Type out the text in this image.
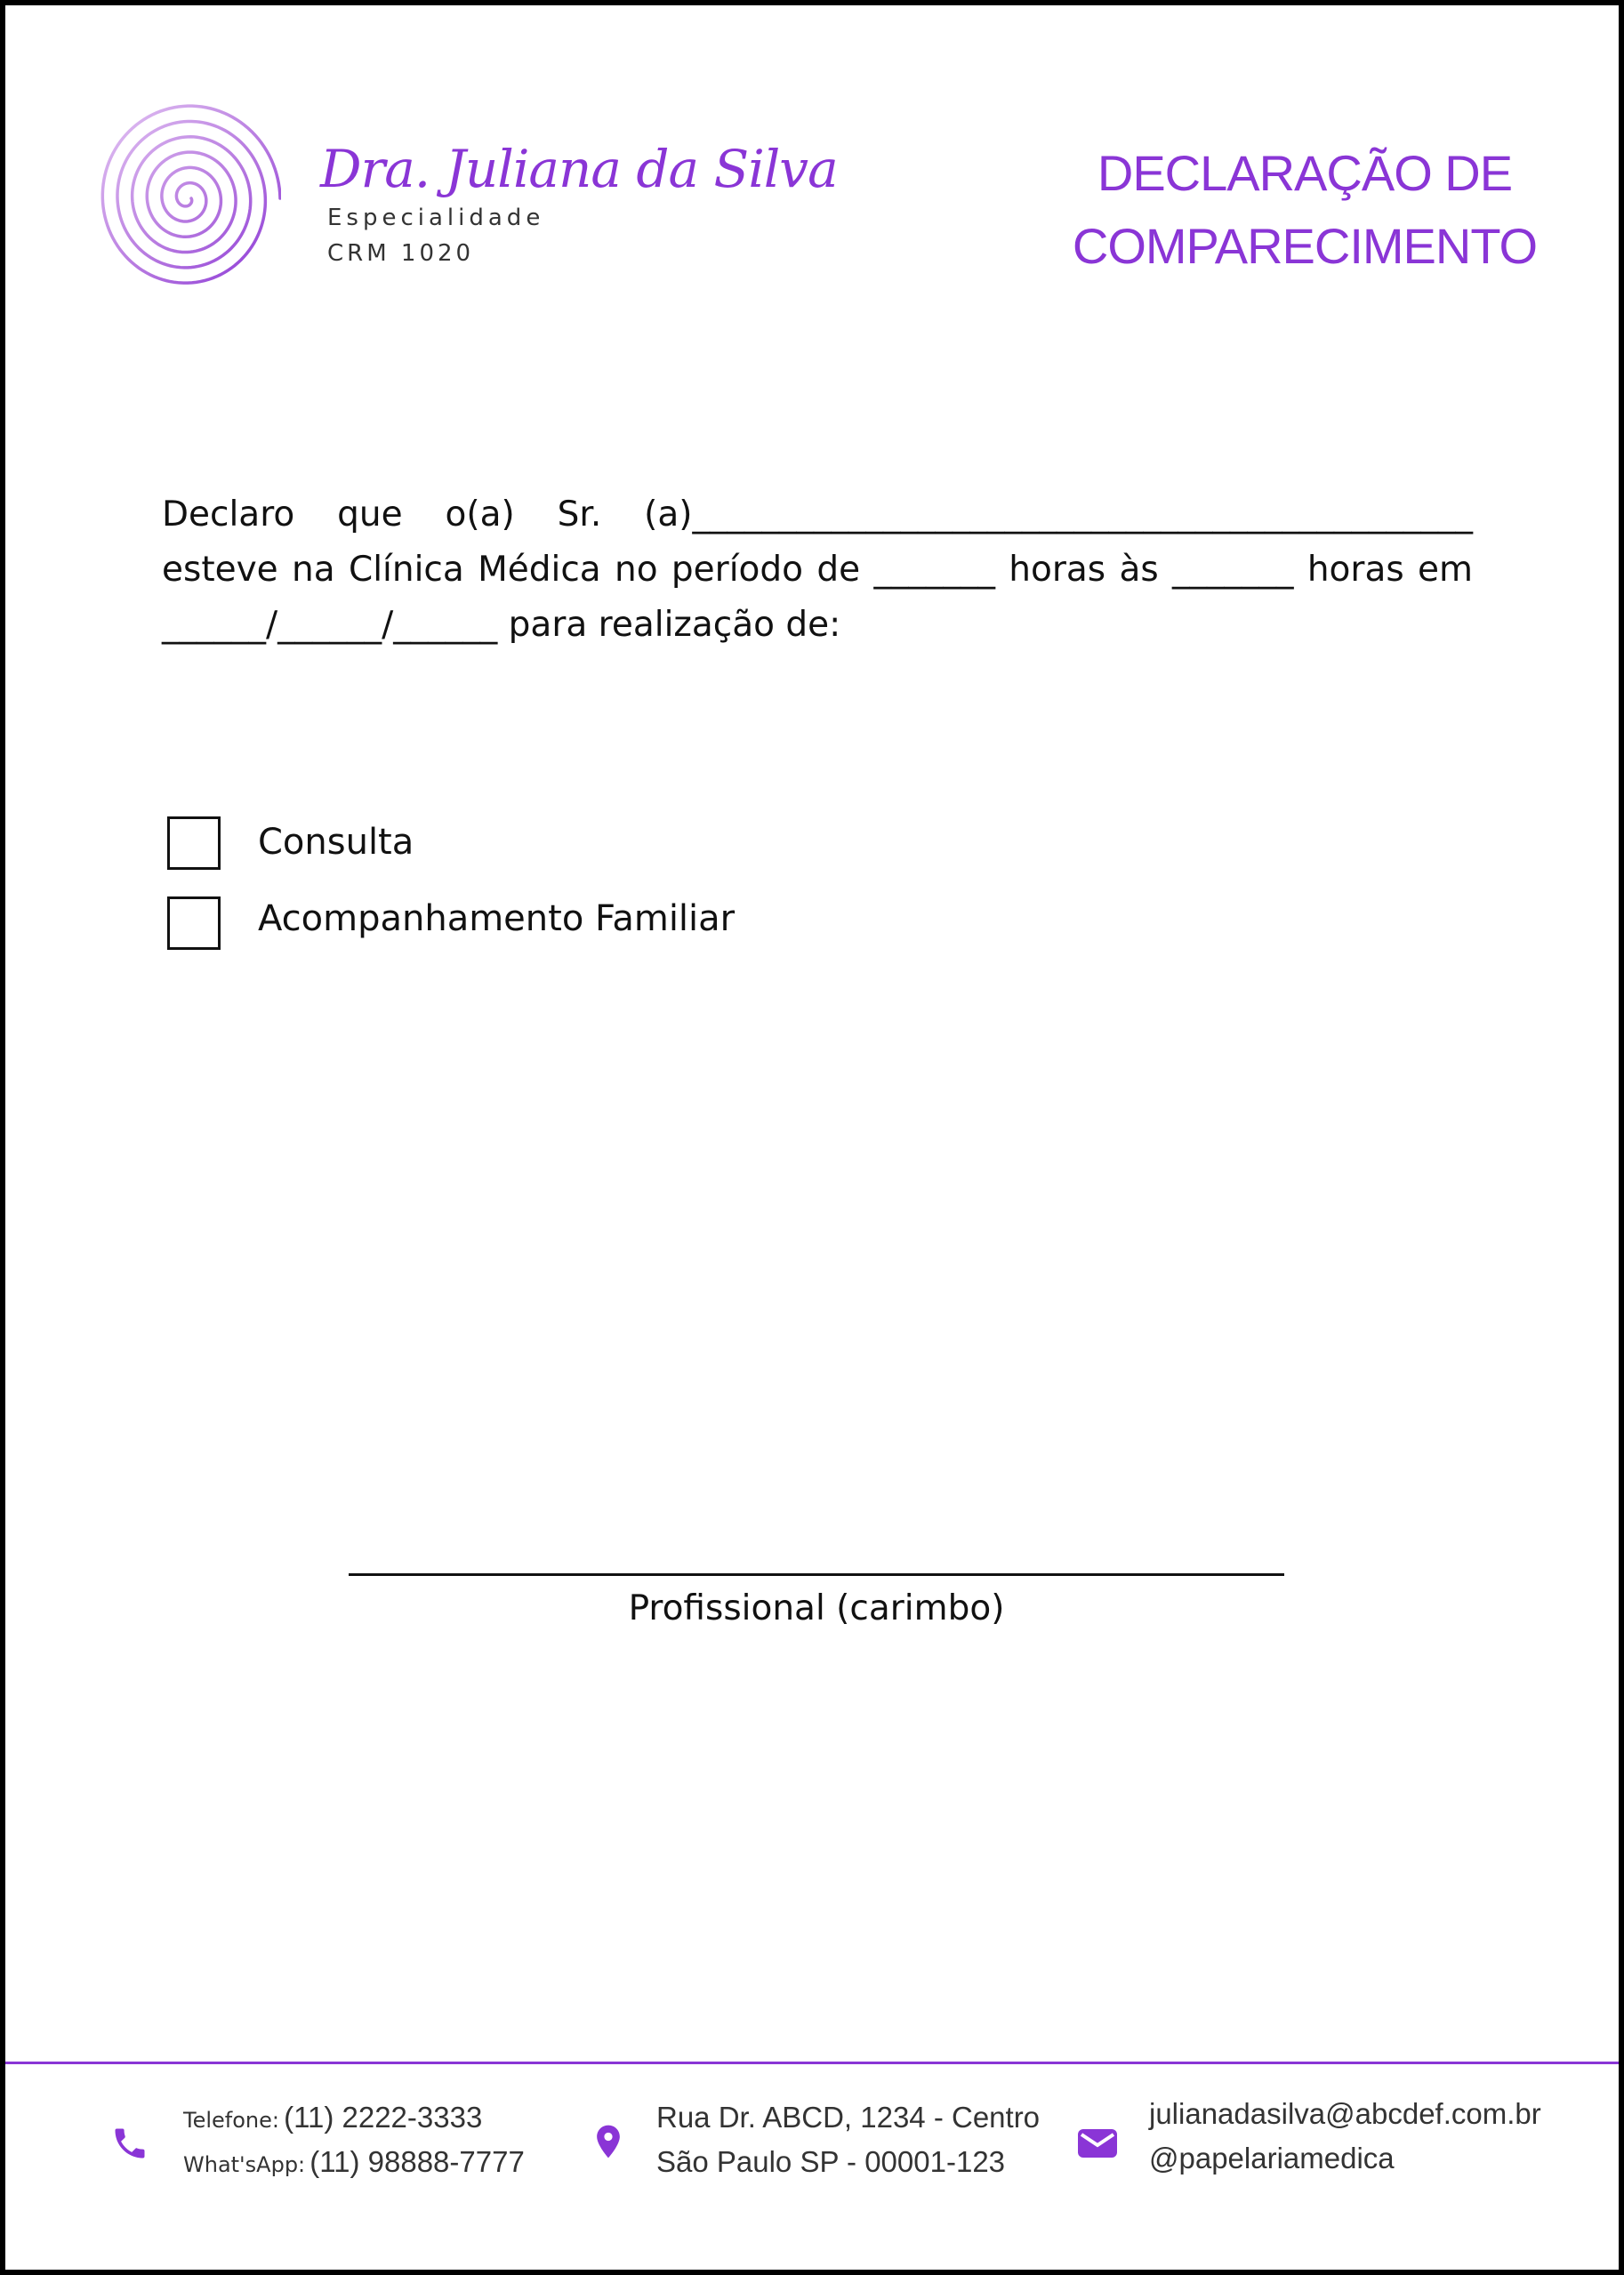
Dra. Juliana da Silva
Especialidade
CRM 1020
DECLARAÇÃO DE
COMPARECIMENTO

Declaro que o(a) Sr. (a)_____________________________________________

esteve na Clínica Médica no período de _______ horas às _______ horas em

______/______/______ para realização de:

Consulta
Acompanhamento Familiar
Profissional (carimbo)
Telefone: (11) 2222-3333
What'sApp: (11) 98888-7777
Rua Dr. ABCD, 1234 - Centro
São Paulo SP - 00001-123
julianadasilva@abcdef.com.br
@papelariamedica
